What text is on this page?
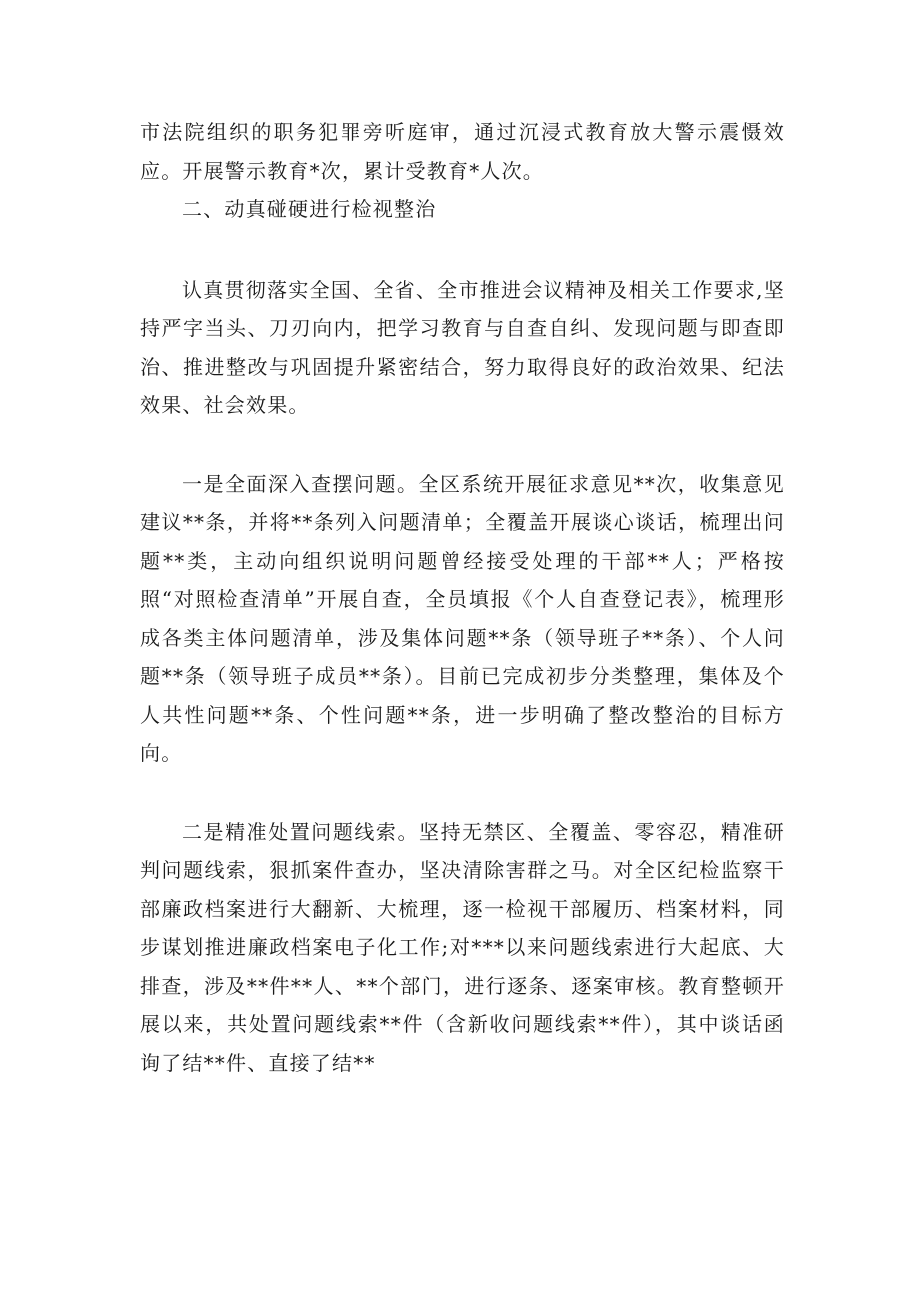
市法院组织的职务犯罪旁听庭审，通过沉浸式教育放大警示震慑效应。开展警示教育*次，累计受教育*人次。

二、动真碰硬进行检视整治

认真贯彻落实全国、全省、全市推进会议精神及相关工作要求,坚持严字当头、刀刃向内，把学习教育与自查自纠、发现问题与即查即治、推进整改与巩固提升紧密结合，努力取得良好的政治效果、纪法效果、社会效果。

一是全面深入查摆问题。全区系统开展征求意见**次，收集意见建议**条，并将**条列入问题清单；全覆盖开展谈心谈话，梳理出问题**类，主动向组织说明问题曾经接受处理的干部**人；严格按照“对照检查清单”开展自查，全员填报《个人自查登记表》，梳理形成各类主体问题清单，涉及集体问题**条（领导班子**条）、个人问题**条（领导班子成员**条）。目前已完成初步分类整理，集体及个人共性问题**条、个性问题**条，进一步明确了整改整治的目标方向。

二是精准处置问题线索。坚持无禁区、全覆盖、零容忍，精准研判问题线索，狠抓案件查办，坚决清除害群之马。对全区纪检监察干部廉政档案进行大翻新、大梳理，逐一检视干部履历、档案材料，同步谋划推进廉政档案电子化工作;对***以来问题线索进行大起底、大排查，涉及**件**人、**个部门，进行逐条、逐案审核。教育整顿开展以来，共处置问题线索**件（含新收问题线索**件），其中谈话函询了结**件、直接了结**
